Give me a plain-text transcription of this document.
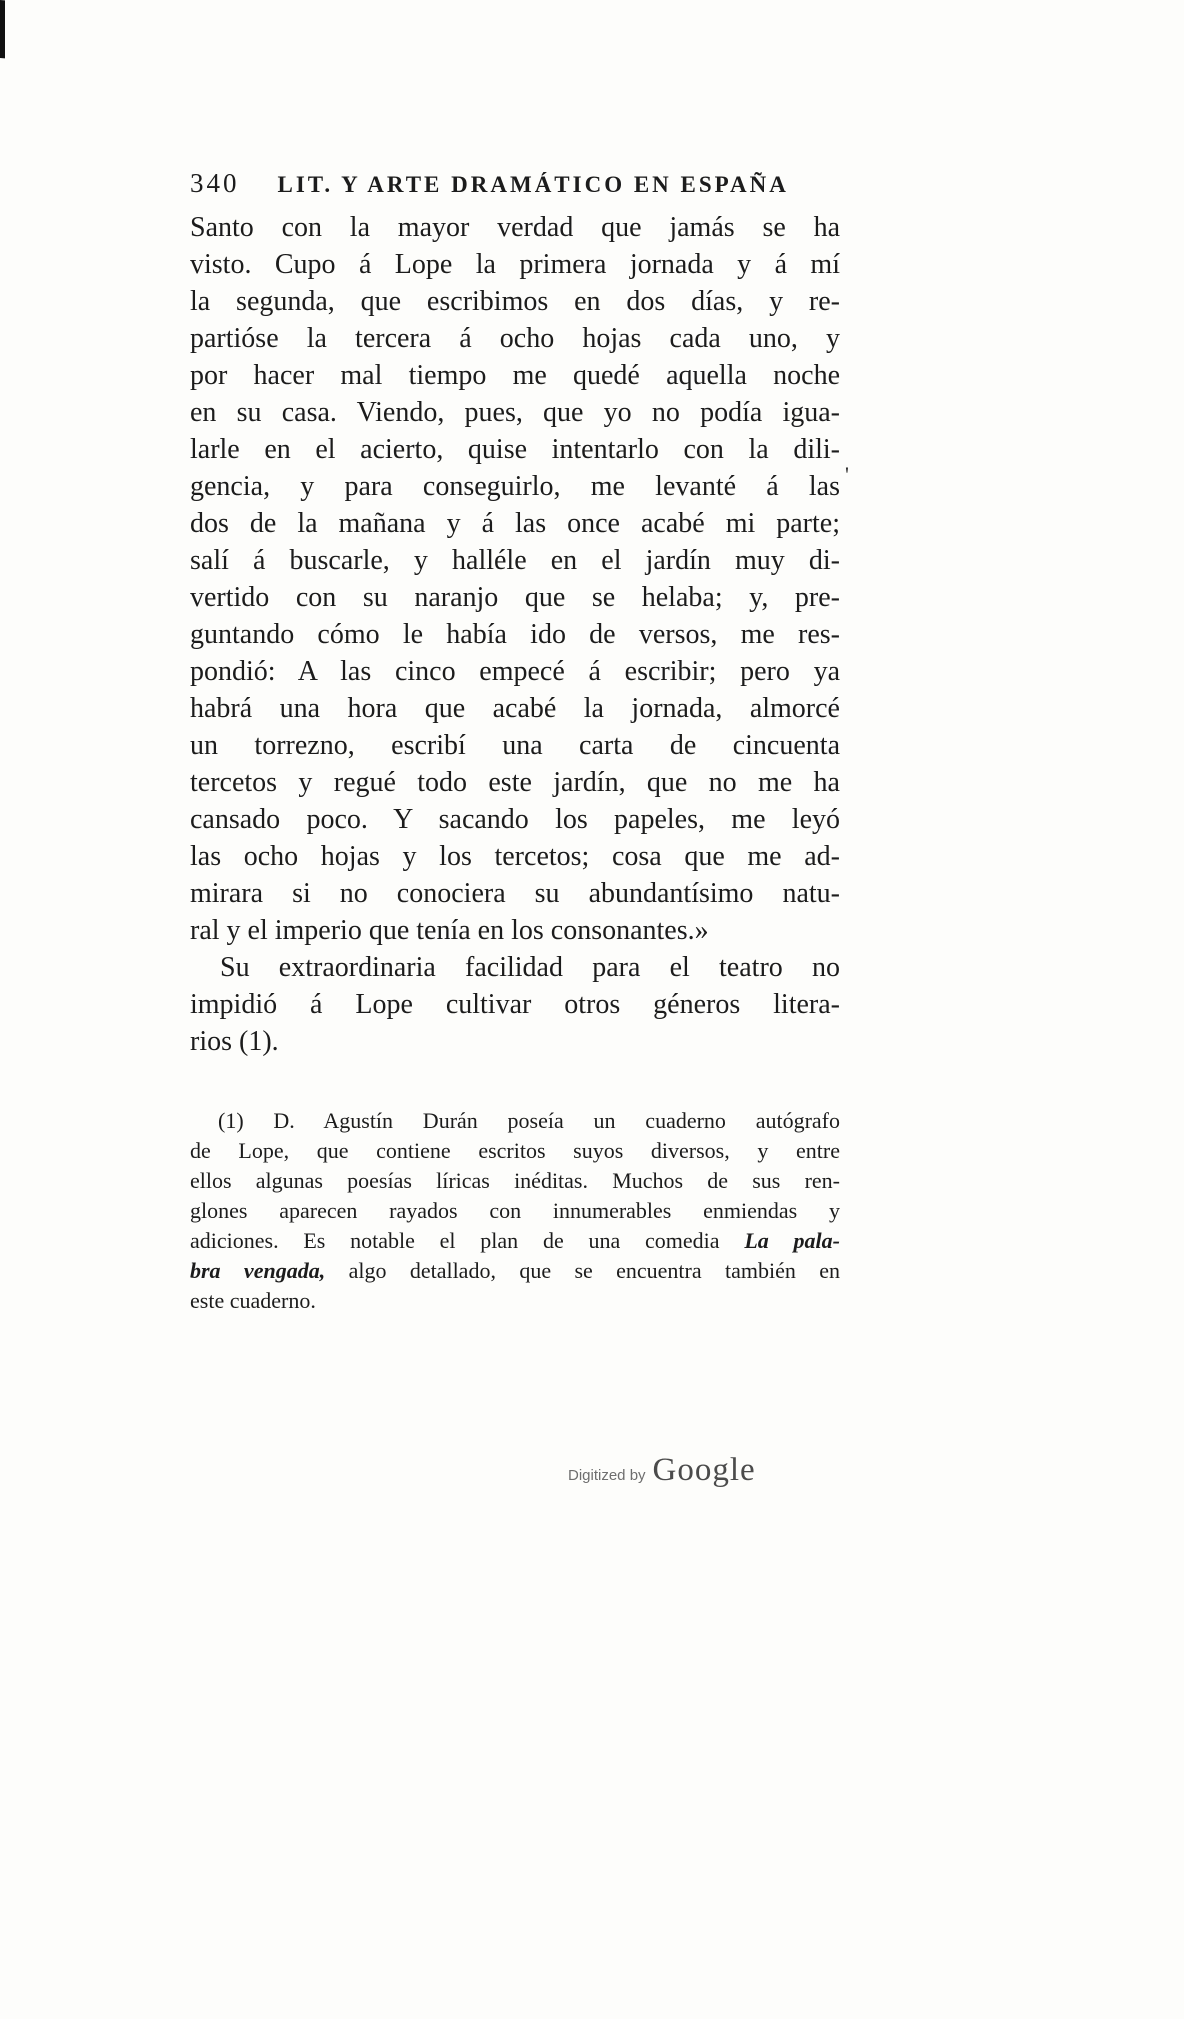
340 LIT. Y ARTE DRAMÁTICO EN ESPAÑA
Santo con la mayor verdad que jamás se ha
visto. Cupo á Lope la primera jornada y á mí
la segunda, que escribimos en dos días, y re-
partióse la tercera á ocho hojas cada uno, y
por hacer mal tiempo me quedé aquella noche
en su casa. Viendo, pues, que yo no podía igua-
larle en el acierto, quise intentarlo con la dili-
gencia, y para conseguirlo, me levanté á las
dos de la mañana y á las once acabé mi parte;
salí á buscarle, y halléle en el jardín muy di-
vertido con su naranjo que se helaba; y, pre-
guntando cómo le había ido de versos, me res-
pondió: A las cinco empecé á escribir; pero ya
habrá una hora que acabé la jornada, almorcé
un torrezno, escribí una carta de cincuenta
tercetos y regué todo este jardín, que no me ha
cansado poco. Y sacando los papeles, me leyó
las ocho hojas y los tercetos; cosa que me ad-
mirara si no conociera su abundantísimo natu-
ral y el imperio que tenía en los consonantes.»
Su extraordinaria facilidad para el teatro no
impidió á Lope cultivar otros géneros litera-
rios (1).
(1) D. Agustín Durán poseía un cuaderno autógrafo
de Lope, que contiene escritos suyos diversos, y entre
ellos algunas poesías líricas inéditas. Muchos de sus ren-
glones aparecen rayados con innumerables enmiendas y
adiciones. Es notable el plan de una comedia La pala-
bra vengada, algo detallado, que se encuentra también en
este cuaderno.
'
Digitized by Google
